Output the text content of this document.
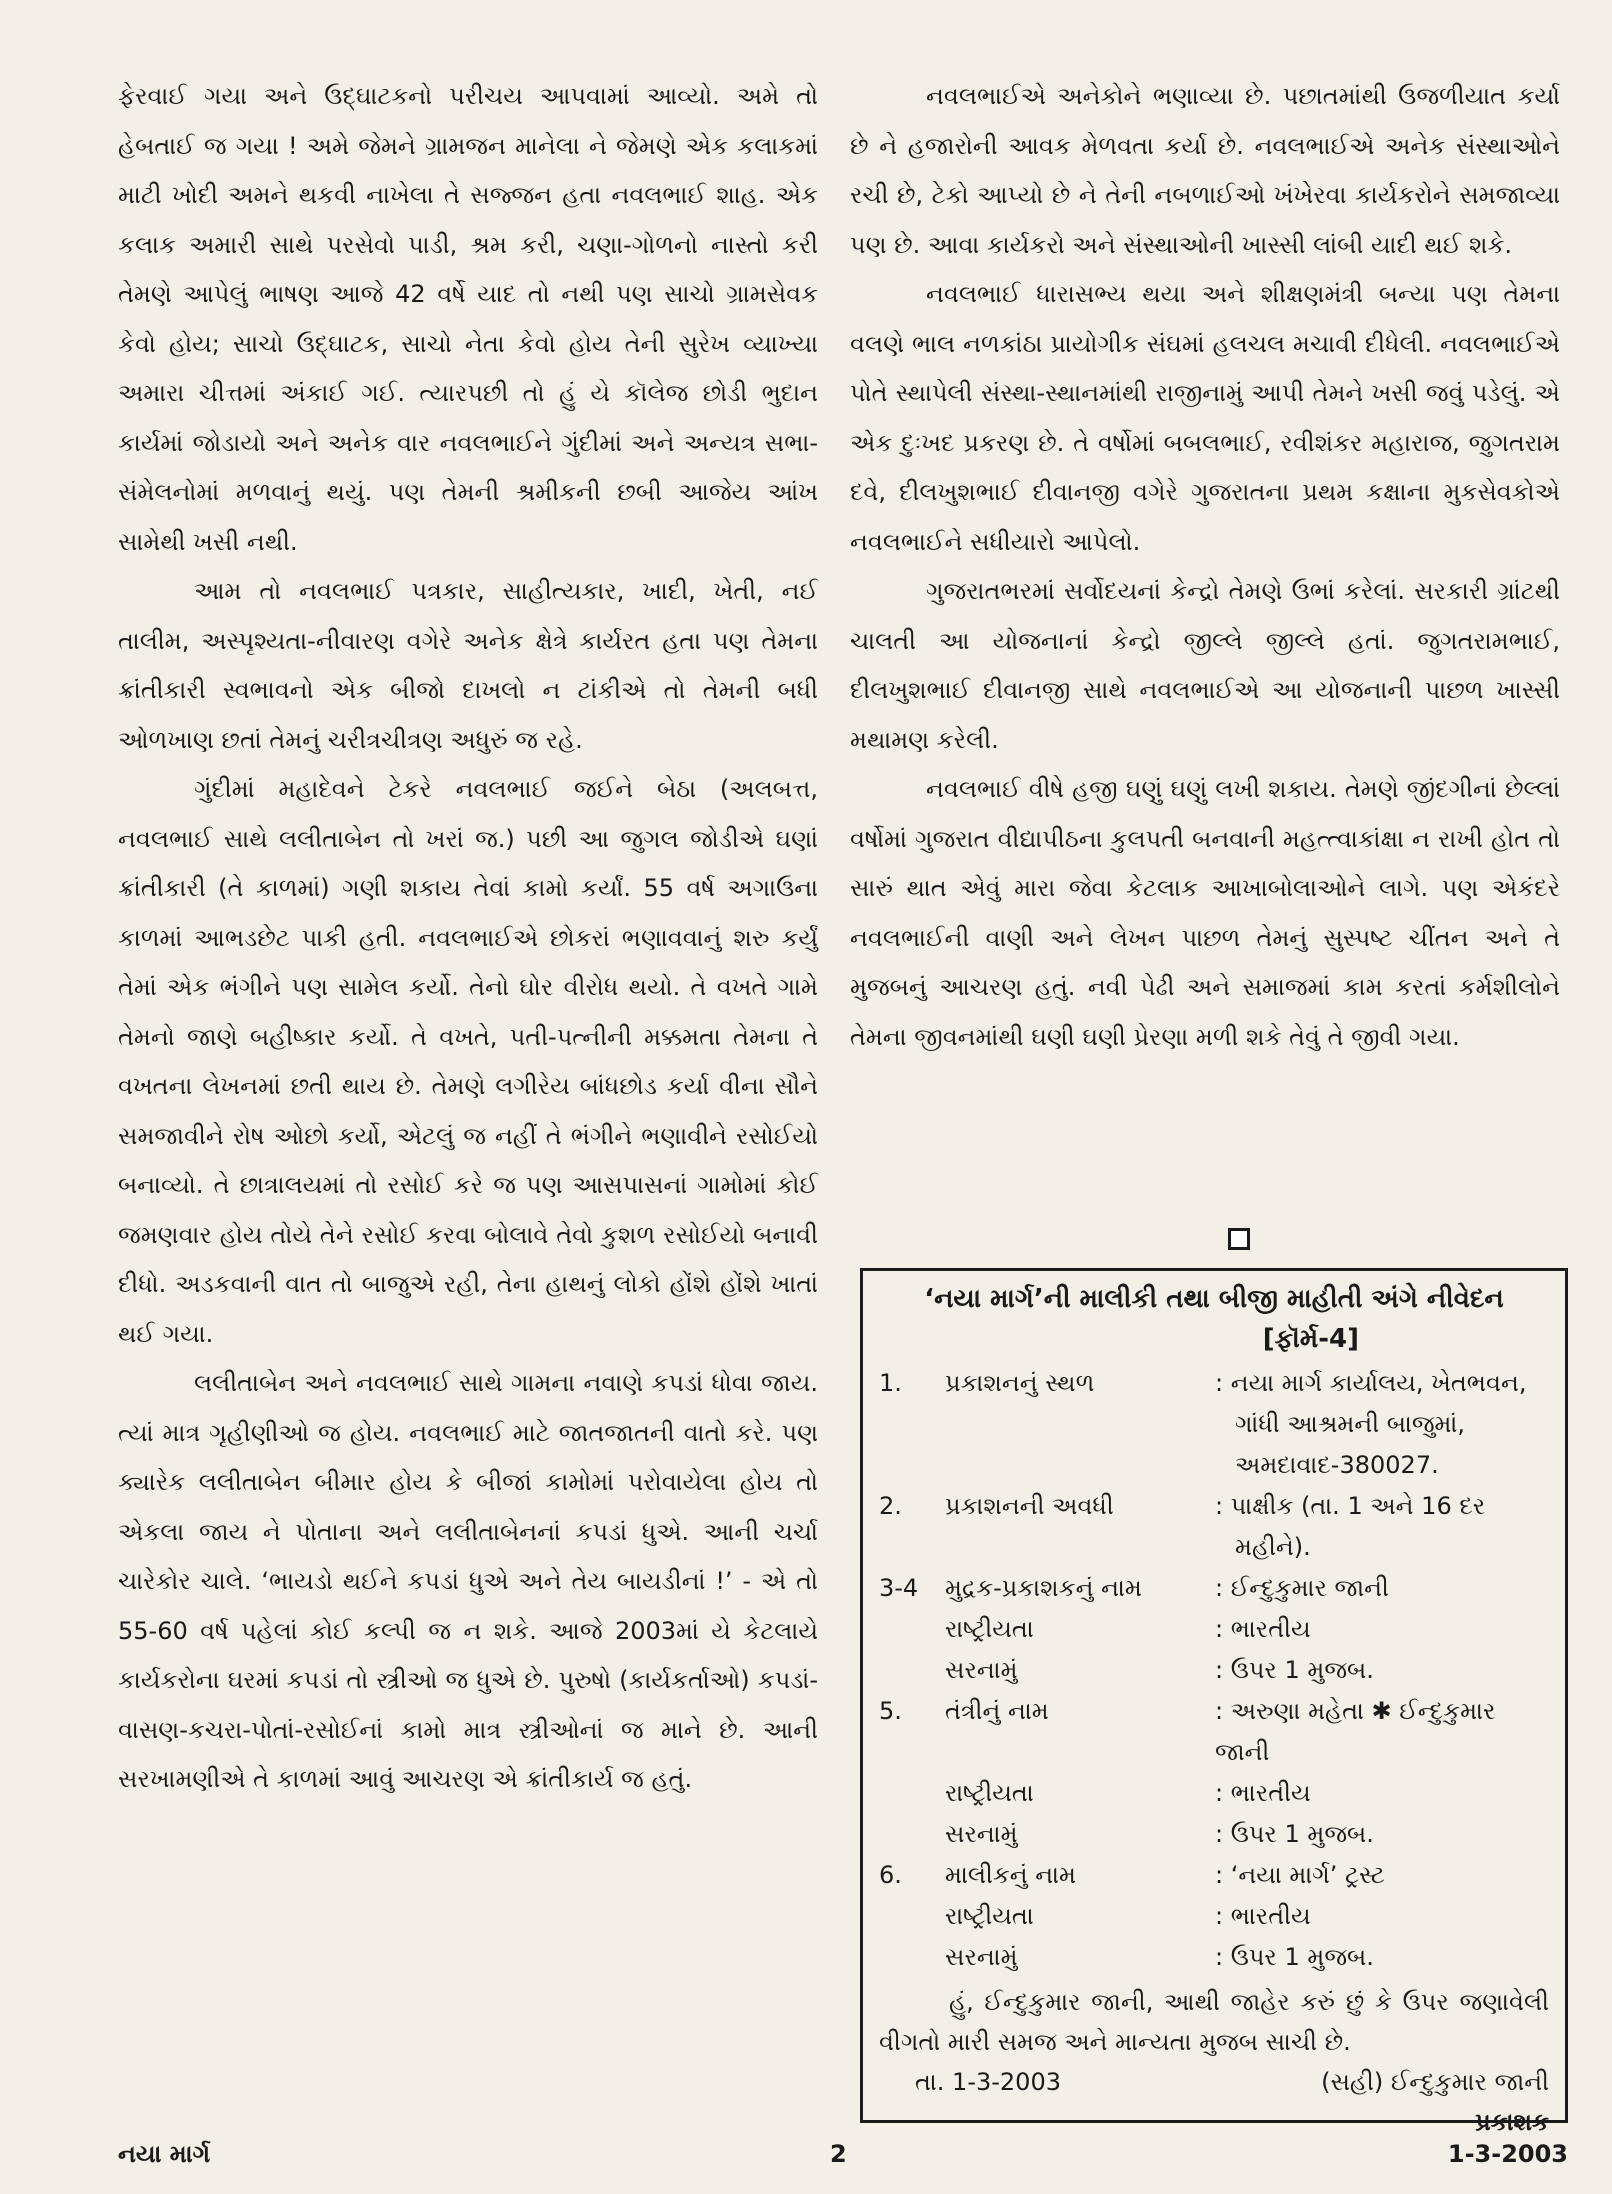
ફેરવાઈ ગયા અને ઉદ્ઘાટકનો પરીચય આપવામાં આવ્યો. અમે તો હેબતાઈ જ ગયા ! અમે જેમને ગ્રામજન માનેલા ને જેમણે એક કલાકમાં માટી ખોદી અમને થકવી નાખેલા તે સજ્જન હતા નવલભાઈ શાહ. એક કલાક અમારી સાથે પરસેવો પાડી, શ્રમ કરી, ચણા-ગોળનો નાસ્તો કરી તેમણે આપેલું ભાષણ આજે 42 વર્ષે યાદ તો નથી પણ સાચો ગ્રામસેવક કેવો હોય; સાચો ઉદ્ઘાટક, સાચો નેતા કેવો હોય તેની સુરેખ વ્યાખ્યા અમારા ચીત્તમાં અંકાઈ ગઈ. ત્યારપછી તો હું યે કૉલેજ છોડી ભુદાન કાર્યમાં જોડાયો અને અનેક વાર નવલભાઈને ગુંદીમાં અને અન્યત્ર સભા-સંમેલનોમાં મળવાનું થયું. પણ તેમની શ્રમીકની છબી આજેય આંખ સામેથી ખસી નથી.

આમ તો નવલભાઈ પત્રકાર, સાહીત્યકાર, ખાદી, ખેતી, નઈ તાલીમ, અસ્પૃશ્યતા-નીવારણ વગેરે અનેક ક્ષેત્રે કાર્યરત હતા પણ તેમના ક્રાંતીકારી સ્વભાવનો એક બીજો દાખલો ન ટાંકીએ તો તેમની બધી ઓળખાણ છતાં તેમનું ચરીત્રચીત્રણ અધુરું જ રહે.

ગુંદીમાં મહાદેવને ટેકરે નવલભાઈ જઈને બેઠા (અલબત્ત, નવલભાઈ સાથે લલીતાબેન તો ખરાં જ.) પછી આ જુગલ જોડીએ ઘણાં ક્રાંતીકારી (તે કાળમાં) ગણી શકાય તેવાં કામો કર્યાં. 55 વર્ષ અગાઉના કાળમાં આભડછેટ પાકી હતી. નવલભાઈએ છોકરાં ભણાવવાનું શરુ કર્યું તેમાં એક ભંગીને પણ સામેલ કર્યો. તેનો ઘોર વીરોધ થયો. તે વખતે ગામે તેમનો જાણે બહીષ્કાર કર્યો. તે વખતે, પતી-પત્નીની મક્કમતા તેમના તે વખતના લેખનમાં છતી થાય છે. તેમણે લગીરેય બાંધછોડ કર્યા વીના સૌને સમજાવીને રોષ ઓછો કર્યો, એટલું જ નહીં તે ભંગીને ભણાવીને રસોઈયો બનાવ્યો. તે છાત્રાલયમાં તો રસોઈ કરે જ પણ આસપાસનાં ગામોમાં કોઈ જમણવાર હોય તોયે તેને રસોઈ કરવા બોલાવે તેવો કુશળ રસોઈયો બનાવી દીધો. અડકવાની વાત તો બાજુએ રહી, તેના હાથનું લોકો હોંશે હોંશે ખાતાં થઈ ગયા.

લલીતાબેન અને નવલભાઈ સાથે ગામના નવાણે કપડાં ધોવા જાય. ત્યાં માત્ર ગૃહીણીઓ જ હોય. નવલભાઈ માટે જાતજાતની વાતો કરે. પણ ક્યારેક લલીતાબેન બીમાર હોય કે બીજાં કામોમાં પરોવાયેલા હોય તો એકલા જાય ને પોતાના અને લલીતાબેનનાં કપડાં ધુએ. આની ચર્ચા ચારેકોર ચાલે. ‘ભાયડો થઈને કપડાં ધુએ અને તેય બાયડીનાં !’ - એ તો 55-60 વર્ષ પહેલાં કોઈ કલ્પી જ ન શકે. આજે 2003માં યે કેટલાયે કાર્યકરોના ઘરમાં કપડાં તો સ્ત્રીઓ જ ધુએ છે. પુરુષો (કાર્યકર્તાઓ) કપડાં-વાસણ-કચરા-પોતાં-રસોઈનાં કામો માત્ર સ્ત્રીઓનાં જ માને છે. આની સરખામણીએ તે કાળમાં આવું આચરણ એ ક્રાંતીકાર્ય જ હતું.

નવલભાઈએ અનેકોને ભણાવ્યા છે. પછાતમાંથી ઉજળીયાત કર્યા છે ને હજારોની આવક મેળવતા કર્યા છે. નવલભાઈએ અનેક સંસ્થાઓને રચી છે, ટેકો આપ્યો છે ને તેની નબળાઈઓ ખંખેરવા કાર્યકરોને સમજાવ્યા પણ છે. આવા કાર્યકરો અને સંસ્થાઓની ખાસ્સી લાંબી યાદી થઈ શકે.

નવલભાઈ ધારાસભ્ય થયા અને શીક્ષણમંત્રી બન્યા પણ તેમના વલણે ભાલ નળકાંઠા પ્રાયોગીક સંઘમાં હલચલ મચાવી દીધેલી. નવલભાઈએ પોતે સ્થાપેલી સંસ્થા-સ્થાનમાંથી રાજીનામું આપી તેમને ખસી જવું પડેલું. એ એક દુઃખદ પ્રકરણ છે. તે વર્ષોમાં બબલભાઈ, રવીશંકર મહારાજ, જુગતરામ દવે, દીલખુશભાઈ દીવાનજી વગેરે ગુજરાતના પ્રથમ કક્ષાના મુકસેવકોએ નવલભાઈને સધીયારો આપેલો.

ગુજરાતભરમાં સર્વોદયનાં કેન્દ્રો તેમણે ઉભાં કરેલાં. સરકારી ગ્રાંટથી ચાલતી આ યોજનાનાં કેન્દ્રો જીલ્લે જીલ્લે હતાં. જુગતરામભાઈ, દીલખુશભાઈ દીવાનજી સાથે નવલભાઈએ આ યોજનાની પાછળ ખાસ્સી મથામણ કરેલી.

નવલભાઈ વીષે હજી ઘણું ઘણું લખી શકાય. તેમણે જીંદગીનાં છેલ્લાં વર્ષોમાં ગુજરાત વીદ્યાપીઠના કુલપતી બનવાની મહત્ત્વાકાંક્ષા ન રાખી હોત તો સારું થાત એવું મારા જેવા કેટલાક આખાબોલાઓને લાગે. પણ એકંદરે નવલભાઈની વાણી અને લેખન પાછળ તેમનું સુસ્પષ્ટ ચીંતન અને તે મુજબનું આચરણ હતું. નવી પેઢી અને સમાજમાં કામ કરતાં કર્મશીલોને તેમના જીવનમાંથી ઘણી ઘણી પ્રેરણા મળી શકે તેવું તે જીવી ગયા.

‘નયા માર્ગ’ની માલીકી તથા બીજી માહીતી અંગે નીવેદન
[ફૉર્મ-4]
1.	પ્રકાશનનું સ્થળ	: નયા માર્ગ કાર્યાલય, ખેતભવન,
ગાંધી આશ્રમની બાજુમાં,
અમદાવાદ-380027.
2.	પ્રકાશનની અવધી	: પાક્ષીક (તા. 1 અને 16 દર
મહીને).
3-4	મુદ્રક-પ્રકાશકનું નામ	: ઈન્દુકુમાર જાની
રાષ્ટ્રીયતા	: ભારતીય
સરનામું	: ઉપર 1 મુજબ.
5.	તંત્રીનું નામ	: અરુણા મહેતા ✱ ઈન્દુકુમાર જાની
રાષ્ટ્રીયતા	: ભારતીય
સરનામું	: ઉપર 1 મુજબ.
6.	માલીકનું નામ	: ‘નયા માર્ગ’ ટ્રસ્ટ
રાષ્ટ્રીયતા	: ભારતીય
સરનામું	: ઉપર 1 મુજબ.
હું, ઈન્દુકુમાર જાની, આથી જાહેર કરું છું કે ઉપર જણાવેલી વીગતો મારી સમજ અને માન્યતા મુજબ સાચી છે.
તા. 1-3-2003	(સહી) ઈન્દુકુમાર જાની
પ્રકાશક
નયા માર્ગ	2	1-3-2003
